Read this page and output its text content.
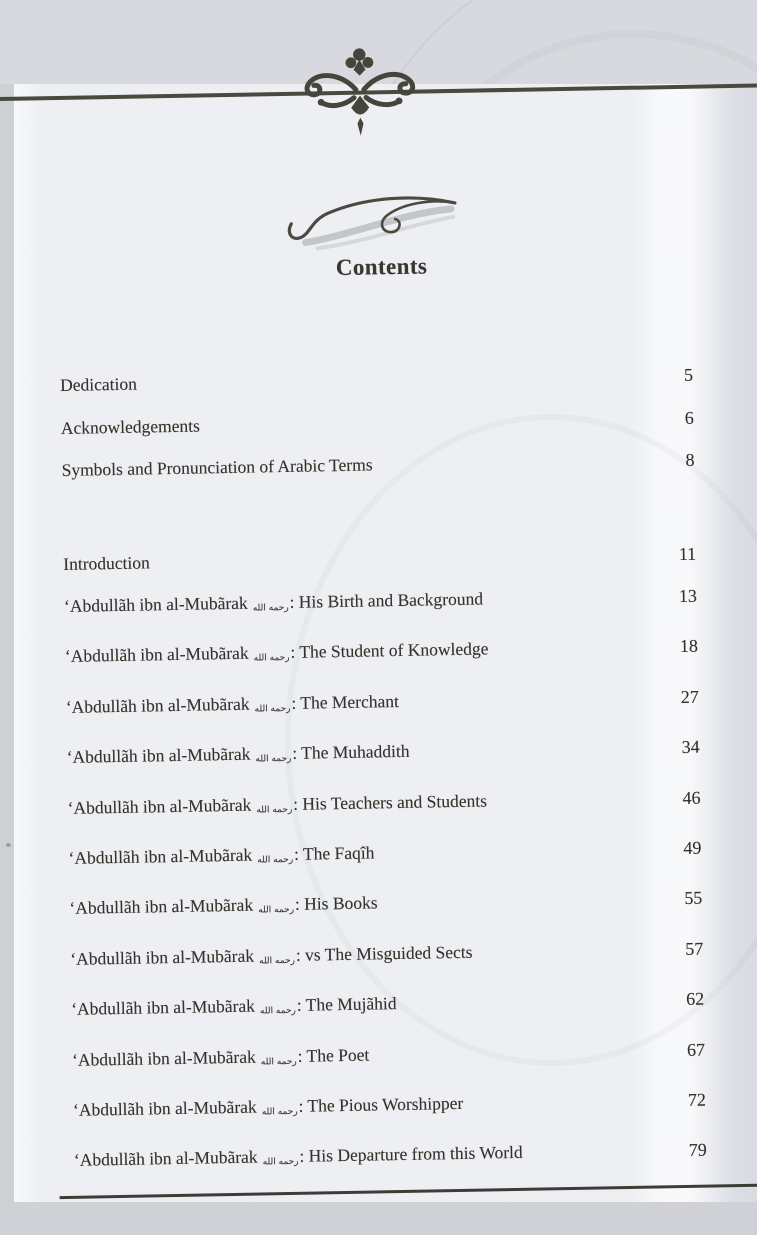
Contents
Dedication	5
Acknowledgements	6
Symbols and Pronunciation of Arabic Terms	8
Introduction	11
‘Abdullãh ibn al-Mubãrak رحمه الله: His Birth and Background	13
‘Abdullãh ibn al-Mubãrak رحمه الله: The Student of Knowledge	18
‘Abdullãh ibn al-Mubãrak رحمه الله: The Merchant	27
‘Abdullãh ibn al-Mubãrak رحمه الله: The Muhaddith	34
‘Abdullãh ibn al-Mubãrak رحمه الله: His Teachers and Students	46
‘Abdullãh ibn al-Mubãrak رحمه الله: The Faqîh	49
‘Abdullãh ibn al-Mubãrak رحمه الله: His Books	55
‘Abdullãh ibn al-Mubãrak رحمه الله: vs The Misguided Sects	57
‘Abdullãh ibn al-Mubãrak رحمه الله: The Mujãhid	62
‘Abdullãh ibn al-Mubãrak رحمه الله: The Poet	67
‘Abdullãh ibn al-Mubãrak رحمه الله: The Pious Worshipper	72
‘Abdullãh ibn al-Mubãrak رحمه الله: His Departure from this World	79
